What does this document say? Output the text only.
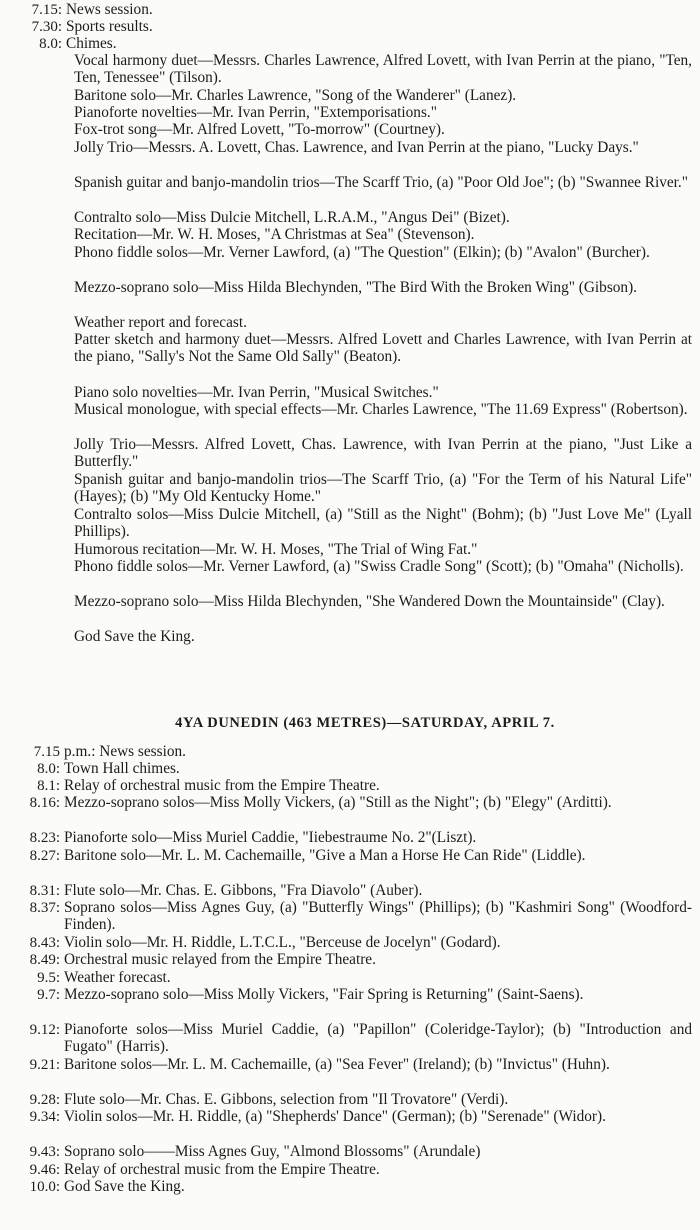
7.15: News session.
7.30: Sports results.
8.0: Chimes.
Vocal harmony duet—Messrs. Charles Lawrence, Alfred Lovett, with Ivan Perrin at the piano, "Ten, Ten, Tenessee" (Tilson).
Baritone solo—Mr. Charles Lawrence, "Song of the Wanderer" (Lanez).
Pianoforte novelties—Mr. Ivan Perrin, "Extemporisations."
Fox-trot song—Mr. Alfred Lovett, "To-morrow" (Courtney).
Jolly Trio—Messrs. A. Lovett, Chas. Lawrence, and Ivan Perrin at the piano, "Lucky Days."
Spanish guitar and banjo-mandolin trios—The Scarff Trio, (a) "Poor Old Joe"; (b) "Swannee River."
Contralto solo—Miss Dulcie Mitchell, L.R.A.M., "Angus Dei" (Bizet).
Recitation—Mr. W. H. Moses, "A Christmas at Sea" (Stevenson).
Phono fiddle solos—Mr. Verner Lawford, (a) "The Question" (Elkin); (b) "Avalon" (Burcher).
Mezzo-soprano solo—Miss Hilda Blechynden, "The Bird With the Broken Wing" (Gibson).
Weather report and forecast.
Patter sketch and harmony duet—Messrs. Alfred Lovett and Charles Lawrence, with Ivan Perrin at the piano, "Sally's Not the Same Old Sally" (Beaton).
Piano solo novelties—Mr. Ivan Perrin, "Musical Switches."
Musical monologue, with special effects—Mr. Charles Lawrence, "The 11.69 Express" (Robertson).
Jolly Trio—Messrs. Alfred Lovett, Chas. Lawrence, with Ivan Perrin at the piano, "Just Like a Butterfly."
Spanish guitar and banjo-mandolin trios—The Scarff Trio, (a) "For the Term of his Natural Life" (Hayes); (b) "My Old Kentucky Home."
Contralto solos—Miss Dulcie Mitchell, (a) "Still as the Night" (Bohm); (b) "Just Love Me" (Lyall Phillips).
Humorous recitation—Mr. W. H. Moses, "The Trial of Wing Fat."
Phono fiddle solos—Mr. Verner Lawford, (a) "Swiss Cradle Song" (Scott); (b) "Omaha" (Nicholls).
Mezzo-soprano solo—Miss Hilda Blechynden, "She Wandered Down the Mountainside" (Clay).
God Save the King.
4YA DUNEDIN (463 METRES)—SATURDAY, APRIL 7.
7.15 p.m.: News session.
8.0: Town Hall chimes.
8.1: Relay of orchestral music from the Empire Theatre.
8.16: Mezzo-soprano solos—Miss Molly Vickers, (a) "Still as the Night"; (b) "Elegy" (Arditti).
8.23: Pianoforte solo—Miss Muriel Caddie, "Iiebestraume No. 2"(Liszt).
8.27: Baritone solo—Mr. L. M. Cachemaille, "Give a Man a Horse He Can Ride" (Liddle).
8.31: Flute solo—Mr. Chas. E. Gibbons, "Fra Diavolo" (Auber).
8.37: Soprano solos—Miss Agnes Guy, (a) "Butterfly Wings" (Phillips); (b) "Kashmiri Song" (Woodford-Finden).
8.43: Violin solo—Mr. H. Riddle, L.T.C.L., "Berceuse de Jocelyn" (Godard).
8.49: Orchestral music relayed from the Empire Theatre.
9.5: Weather forecast.
9.7: Mezzo-soprano solo—Miss Molly Vickers, "Fair Spring is Returning" (Saint-Saens).
9.12: Pianoforte solos—Miss Muriel Caddie, (a) "Papillon" (Coleridge-Taylor); (b) "Introduction and Fugato" (Harris).
9.21: Baritone solos—Mr. L. M. Cachemaille, (a) "Sea Fever" (Ireland); (b) "Invictus" (Huhn).
9.28: Flute solo—Mr. Chas. E. Gibbons, selection from "Il Trovatore" (Verdi).
9.34: Violin solos—Mr. H. Riddle, (a) "Shepherds' Dance" (German); (b) "Serenade" (Widor).
9.43: Soprano solo——Miss Agnes Guy, "Almond Blossoms" (Arundale)
9.46: Relay of orchestral music from the Empire Theatre.
10.0: God Save the King.
